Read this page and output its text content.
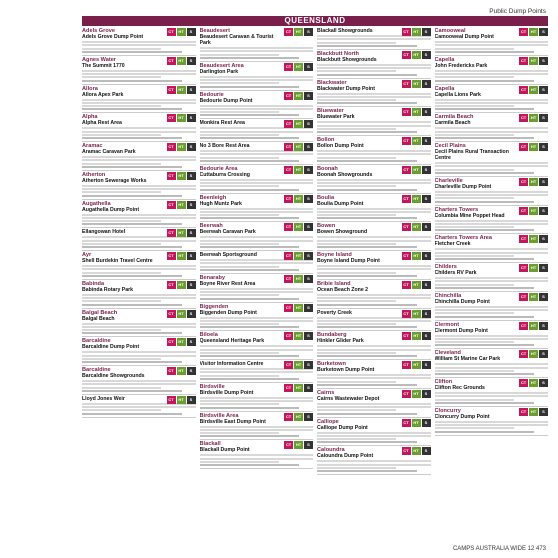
Public Dump Points
QUEENSLAND
CT	HT	S
Adels Grove
Adels Grove Dump Point
CT	HT	S
Agnes Water
The Summit 1770
CT	HT	S
Allora
Allora Apex Park
CT	HT	S
Alpha
Alpha Rest Area
CT	HT	S
Aramac
Aramac Caravan Park
CT	HT	S
Atherton
Atherton Sewerage Works
CT	HT	S
Augathella
Augathella Dump Point
CT	HT	S
Ellangowan Hotel
CT	HT	S
Ayr
Shell Burdekin Travel Centre
CT	HT	S
Babinda
Babinda Rotary Park
CT	HT	S
Balgal Beach
Balgal Beach
CT	HT	S
Barcaldine
Barcaldine Dump Point
CT	HT	S
Barcaldine
Barcaldine Showgrounds
CT	HT	S
Lloyd Jones Weir
CT	HT	S
Beaudesert
Beaudesert Caravan & Tourist Park
CT	HT	S
Beaudesert Area
Darlington Park
CT	HT	S
Bedourie
Bedourie Dump Point
CT	HT	S
Monkira Rest Area
CT	HT	S
No 3 Bore Rest Area
CT	HT	S
Bedourie Area
Cuttaburra Crossing
CT	HT	S
Beenleigh
Hugh Muntz Park
CT	HT	S
Beerwah
Beerwah Caravan Park
CT	HT	S
Beerwah Sportsground
CT	HT	S
Benaraby
Boyne River Rest Area
CT	HT	S
Biggenden
Biggenden Dump Point
CT	HT	S
Biloela
Queensland Heritage Park
CT	HT	S
Visitor Information Centre
CT	HT	S
Birdsville
Birdsville Dump Point
CT	HT	S
Birdsville Area
Birdsville East Dump Point
CT	HT	S
Blackall
Blackall Dump Point
CT	HT	S
Blackall Showgrounds
CT	HT	S
Blackbutt North
Blackbutt Showgrounds
CT	HT	S
Blackwater
Blackwater Dump Point
CT	HT	S
Bluewater
Bluewater Park
CT	HT	S
Bollon
Bollon Dump Point
CT	HT	S
Boonah
Boonah Showgrounds
CT	HT	S
Boulia
Boulia Dump Point
CT	HT	S
Bowen
Bowen Showground
CT	HT	S
Boyne Island
Boyne Island Dump Point
CT	HT	S
Bribie Island
Ocean Beach Zone 2
CT	HT	S
Poverty Creek
CT	HT	S
Bundaberg
Hinkler Glider Park
CT	HT	S
Burketown
Burketown Dump Point
CT	HT	S
Cairns
Cairns Wastewater Depot
CT	HT	S
Calliope
Calliope Dump Point
CT	HT	S
Caloundra
Caloundra Dump Point
CT	HT	S
Camooweal
Camooweal Dump Point
CT	HT	S
Capella
John Fredericks Park
CT	HT	S
Capella
Capella Lions Park
CT	HT	S
Carmila Beach
Carmila Beach
CT	HT	S
Cecil Plains
Cecil Plains Rural Transaction Centre
CT	HT	S
Charleville
Charleville Dump Point
CT	HT	S
Charters Towers
Columbia Mine Poppet Head
CT	HT	S
Charters Towers Area
Fletcher Creek
CT	HT	S
Childers
Childers RV Park
CT	HT	S
Chinchilla
Chinchilla Dump Point
CT	HT	S
Clermont
Clermont Dump Point
CT	HT	S
Cleveland
William St Marine Car Park
CT	HT	S
Clifton
Clifton Rec Grounds
CT	HT	S
Cloncurry
Cloncurry Dump Point
CAMPS AUSTRALIA WIDE 12 473
